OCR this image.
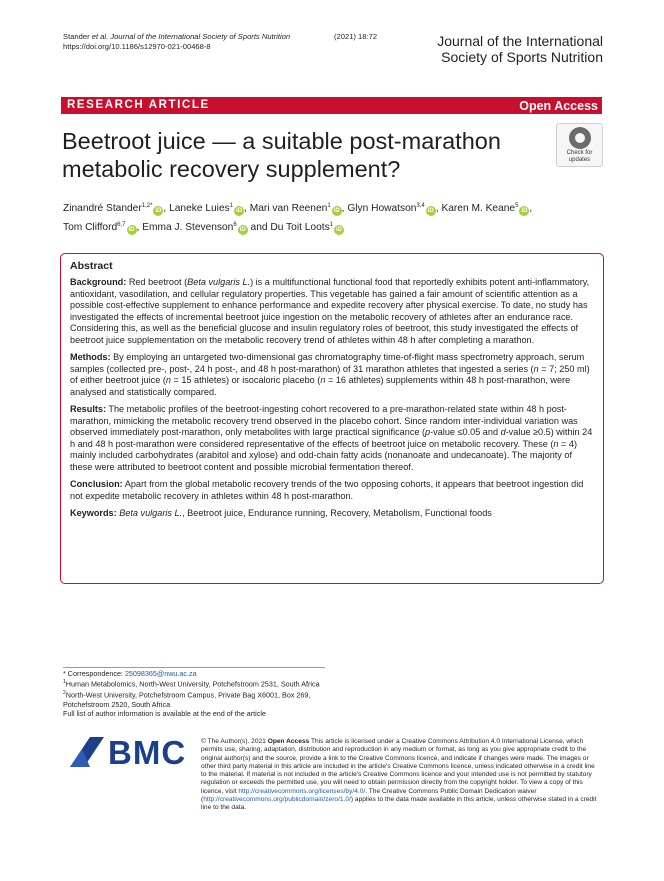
Stander et al. Journal of the International Society of Sports Nutrition
https://doi.org/10.1186/s12970-021-00468-8
(2021) 18:72	Journal of the International
Society of Sports Nutrition
RESEARCH ARTICLE	Open Access
Beetroot juice — a suitable post-marathon metabolic recovery supplement?
Check for
updates
Zinandré Stander$^{1,2*}$iD , Laneke Luies$^1$iD , Mari van Reenen$^1$iD , Glyn Howatson$^{3,4}$iD , Karen M. Keane$^5$iD ,
Tom Clifford$^{6,7}$iD , Emma J. Stevenson$^6$iD and Du Toit Loots$^1$iD
Abstract

Background: Red beetroot (Beta vulgaris L.) is a multifunctional functional food that reportedly exhibits potent anti-inflammatory, antioxidant, vasodilation, and cellular regulatory properties. This vegetable has gained a fair amount of scientific attention as a possible cost-effective supplement to enhance performance and expedite recovery after physical exercise. To date, no study has investigated the effects of incremental beetroot juice ingestion on the metabolic recovery of athletes after an endurance race. Considering this, as well as the beneficial glucose and insulin regulatory roles of beetroot, this study investigated the effects of beetroot juice supplementation on the metabolic recovery trend of athletes within 48 h after completing a marathon.

Methods: By employing an untargeted two-dimensional gas chromatography time-of-flight mass spectrometry approach, serum samples (collected pre-, post-, 24 h post-, and 48 h post-marathon) of 31 marathon athletes that ingested a series (n = 7; 250 ml) of either beetroot juice (n = 15 athletes) or isocaloric placebo (n = 16 athletes) supplements within 48 h post-marathon, were analysed and statistically compared.

Results: The metabolic profiles of the beetroot-ingesting cohort recovered to a pre-marathon-related state within 48 h post-marathon, mimicking the metabolic recovery trend observed in the placebo cohort. Since random inter-individual variation was observed immediately post-marathon, only metabolites with large practical significance (p-value ≤0.05 and d-value ≥0.5) within 24 h and 48 h post-marathon were considered representative of the effects of beetroot juice on metabolic recovery. These (n = 4) mainly included carbohydrates (arabitol and xylose) and odd-chain fatty acids (nonanoate and undecanoate). The majority of these were attributed to beetroot content and possible microbial fermentation thereof.

Conclusion: Apart from the global metabolic recovery trends of the two opposing cohorts, it appears that beetroot ingestion did not expedite metabolic recovery in athletes within 48 h post-marathon.

Keywords: Beta vulgaris L., Beetroot juice, Endurance running, Recovery, Metabolism, Functional foods

* Correspondence: 25098365@nwu.ac.za
$^1$Human Metabolomics, North-West University, Potchefstroom 2531, South Africa
$^2$North-West University, Potchefstroom Campus, Private Bag X6001, Box 269, Potchefstroom 2520, South Africa
Full list of author information is available at the end of the article
BMC © The Author(s). 2021 Open Access This article is licensed under a Creative Commons Attribution 4.0 International License, which permits use, sharing, adaptation, distribution and reproduction in any medium or format, as long as you give appropriate credit to the original author(s) and the source, provide a link to the Creative Commons licence, and indicate if changes were made. The images or other third party material in this article are included in the article's Creative Commons licence, unless indicated otherwise in a credit line to the material. If material is not included in the article's Creative Commons licence and your intended use is not permitted by statutory regulation or exceeds the permitted use, you will need to obtain permission directly from the copyright holder. To view a copy of this licence, visit http://creativecommons.org/licenses/by/4.0/. The Creative Commons Public Domain Dedication waiver (http://creativecommons.org/publicdomain/zero/1.0/) applies to the data made available in this article, unless otherwise stated in a credit line to the data.
